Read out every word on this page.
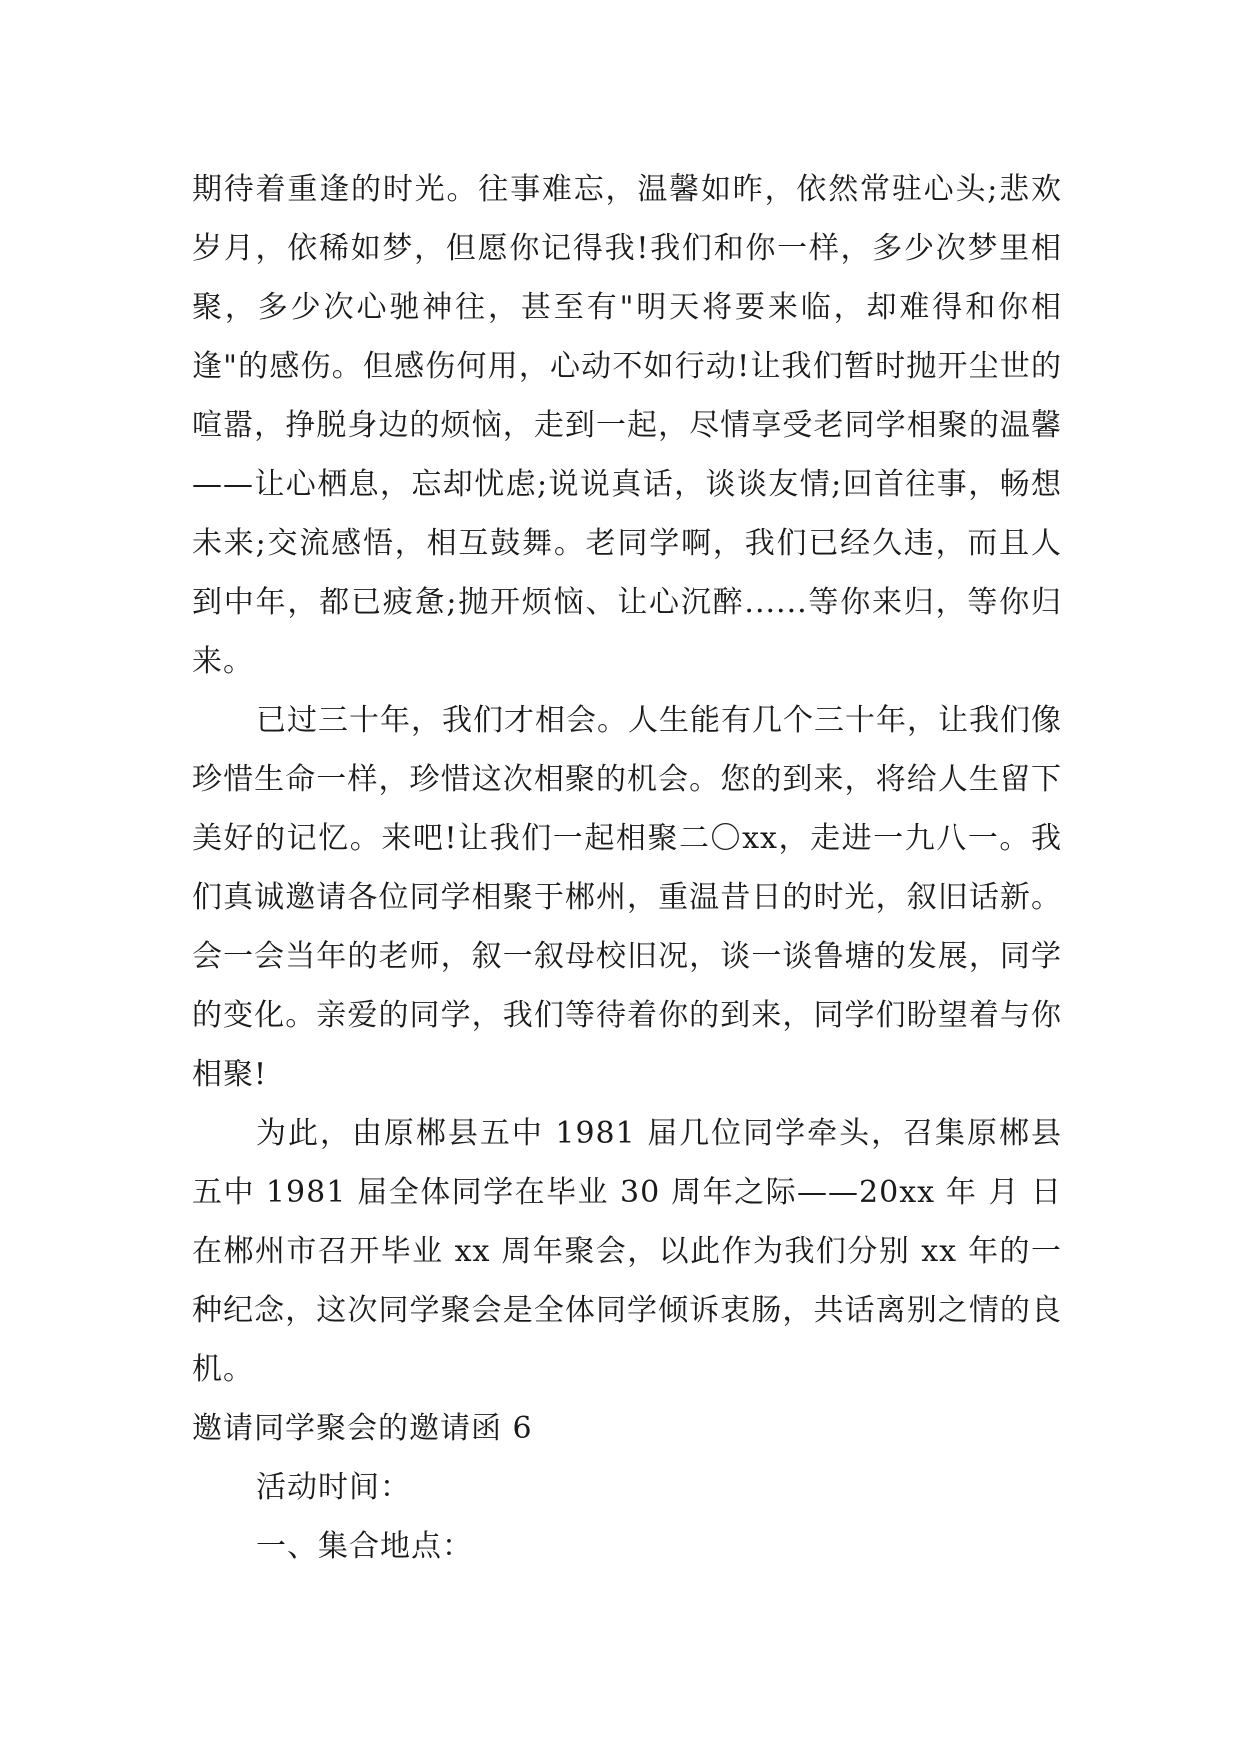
期待着重逢的时光。往事难忘，温馨如昨，依然常驻心头;悲欢岁月，依稀如梦，但愿你记得我!我们和你一样，多少次梦里相聚，多少次心驰神往，甚至有"明天将要来临，却难得和你相逢"的感伤。但感伤何用，心动不如行动!让我们暂时抛开尘世的喧嚣，挣脱身边的烦恼，走到一起，尽情享受老同学相聚的温馨——让心栖息，忘却忧虑;说说真话，谈谈友情;回首往事，畅想未来;交流感悟，相互鼓舞。老同学啊，我们已经久违，而且人到中年，都已疲惫;抛开烦恼、让心沉醉......等你来归，等你归来。

已过三十年，我们才相会。人生能有几个三十年，让我们像珍惜生命一样，珍惜这次相聚的机会。您的到来，将给人生留下美好的记忆。来吧!让我们一起相聚二〇xx，走进一九八一。我们真诚邀请各位同学相聚于郴州，重温昔日的时光，叙旧话新。会一会当年的老师，叙一叙母校旧况，谈一谈鲁塘的发展，同学的变化。亲爱的同学，我们等待着你的到来，同学们盼望着与你相聚!

为此，由原郴县五中 1981 届几位同学牵头，召集原郴县五中 1981 届全体同学在毕业 30 周年之际——20xx 年 月 日在郴州市召开毕业 xx 周年聚会，以此作为我们分别 xx 年的一种纪念，这次同学聚会是全体同学倾诉衷肠，共话离别之情的良机。

邀请同学聚会的邀请函 6

活动时间：

一、集合地点：
